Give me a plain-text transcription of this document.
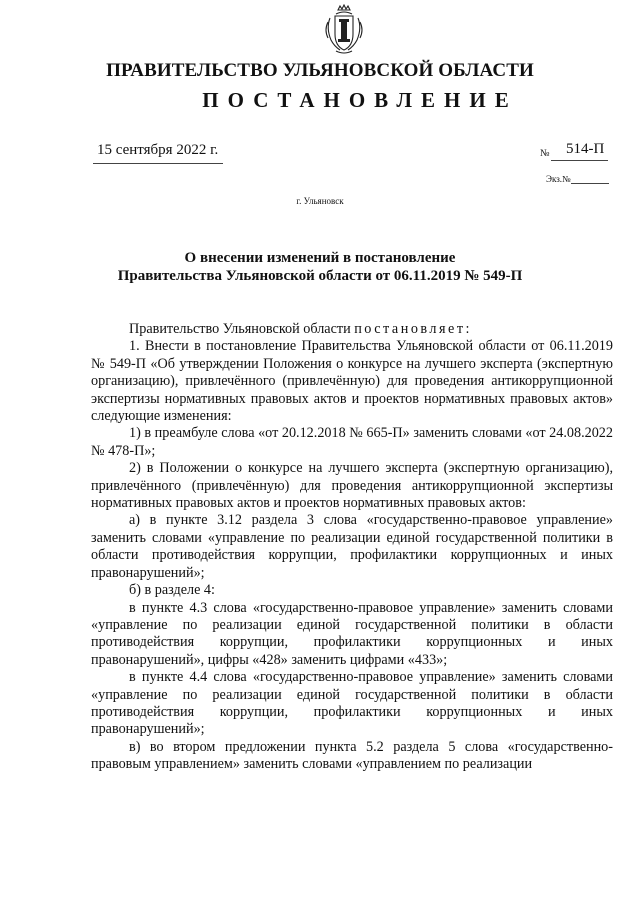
ПРАВИТЕЛЬСТВО УЛЬЯНОВСКОЙ ОБЛАСТИ
ПОСТАНОВЛЕНИЕ
15 сентября 2022 г.	№ 514-П
Экз.№
г. Ульяновск
О внесении изменений в постановление
Правительства Ульяновской области от 06.11.2019 № 549-П

Правительство Ульяновской области постановляет:

1. Внести в постановление Правительства Ульяновской области от 06.11.2019 № 549-П «Об утверждении Положения о конкурсе на лучшего эксперта (экспертную организацию), привлечённого (привлечённую) для проведения антикоррупционной экспертизы нормативных правовых актов и проектов нормативных правовых актов» следующие изменения:

1) в преамбуле слова «от 20.12.2018 № 665-П» заменить словами «от 24.08.2022 № 478-П»;

2) в Положении о конкурсе на лучшего эксперта (экспертную организацию), привлечённого (привлечённую) для проведения антикоррупционной экспертизы нормативных правовых актов и проектов нормативных правовых актов:

а) в пункте 3.12 раздела 3 слова «государственно-правовое управление» заменить словами «управление по реализации единой государственной политики в области противодействия коррупции, профилактики коррупционных и иных правонарушений»;

б) в разделе 4:

в пункте 4.3 слова «государственно-правовое управление» заменить словами «управление по реализации единой государственной политики в области противодействия коррупции, профилактики коррупционных и иных правонарушений», цифры «428» заменить цифрами «433»;

в пункте 4.4 слова «государственно-правовое управление» заменить словами «управление по реализации единой государственной политики в области противодействия коррупции, профилактики коррупционных и иных правонарушений»;

в) во втором предложении пункта 5.2 раздела 5 слова «государственно-правовым управлением» заменить словами «управлением по реализации
